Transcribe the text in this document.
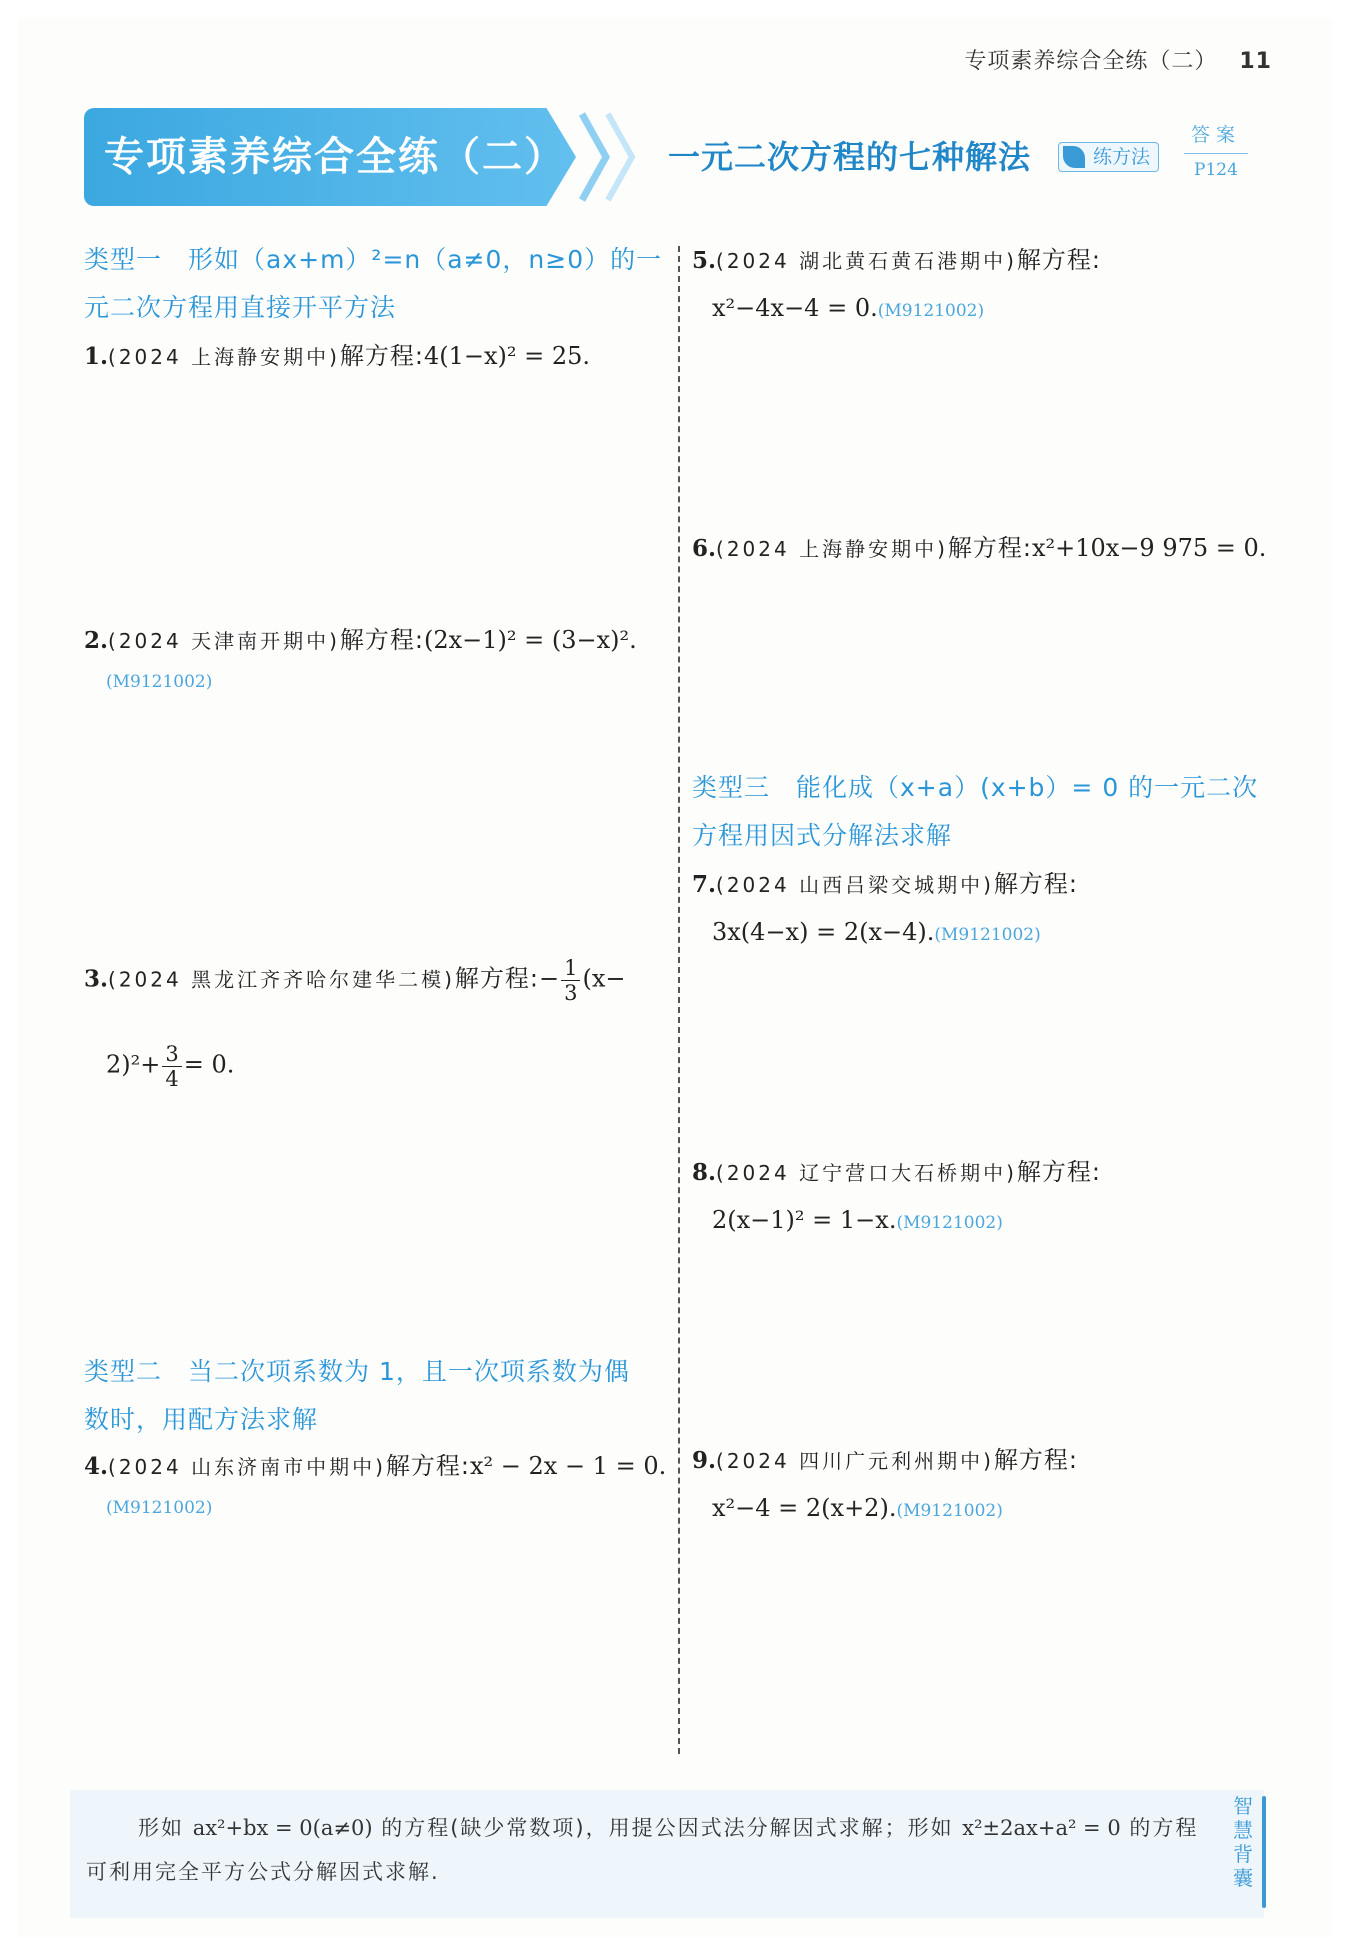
专项素养综合全练（二） 11
专项素养综合全练（二）	一元二次方程的七种解法	练方法
答案
P124
类型一　形如（ax+m）²=n（a≠0，n≥0）的一
元二次方程用直接开平方法
1.(2024 上海静安期中)解方程:4(1−x)² = 25.
2.(2024 天津南开期中)解方程:(2x−1)² = (3−x)².
(M9121002)
3.(2024 黑龙江齐齐哈尔建华二模)解方程:− $\frac{1}{3} (x-$
$2)^2+ \frac{3}{4} = 0$.
类型二　当二次项系数为 1，且一次项系数为偶
数时，用配方法求解
4.(2024 山东济南市中期中)解方程:x² − 2x − 1 = 0.
(M9121002)
5.(2024 湖北黄石黄石港期中)解方程:
x²−4x−4 = 0.(M9121002)
6.(2024 上海静安期中)解方程:x²+10x−9 975 = 0.
类型三　能化成（x+a）(x+b）= 0 的一元二次
方程用因式分解法求解
7.(2024 山西吕梁交城期中)解方程:
3x(4−x) = 2(x−4).(M9121002)
8.(2024 辽宁营口大石桥期中)解方程:
2(x−1)² = 1−x.(M9121002)
9.(2024 四川广元利州期中)解方程:
x²−4 = 2(x+2).(M9121002)
形如 ax²+bx = 0(a≠0) 的方程(缺少常数项)，用提公因式法分解因式求解；形如 x²±2ax+a² = 0 的方程可利用完全平方公式分解因式求解.
智慧背囊
